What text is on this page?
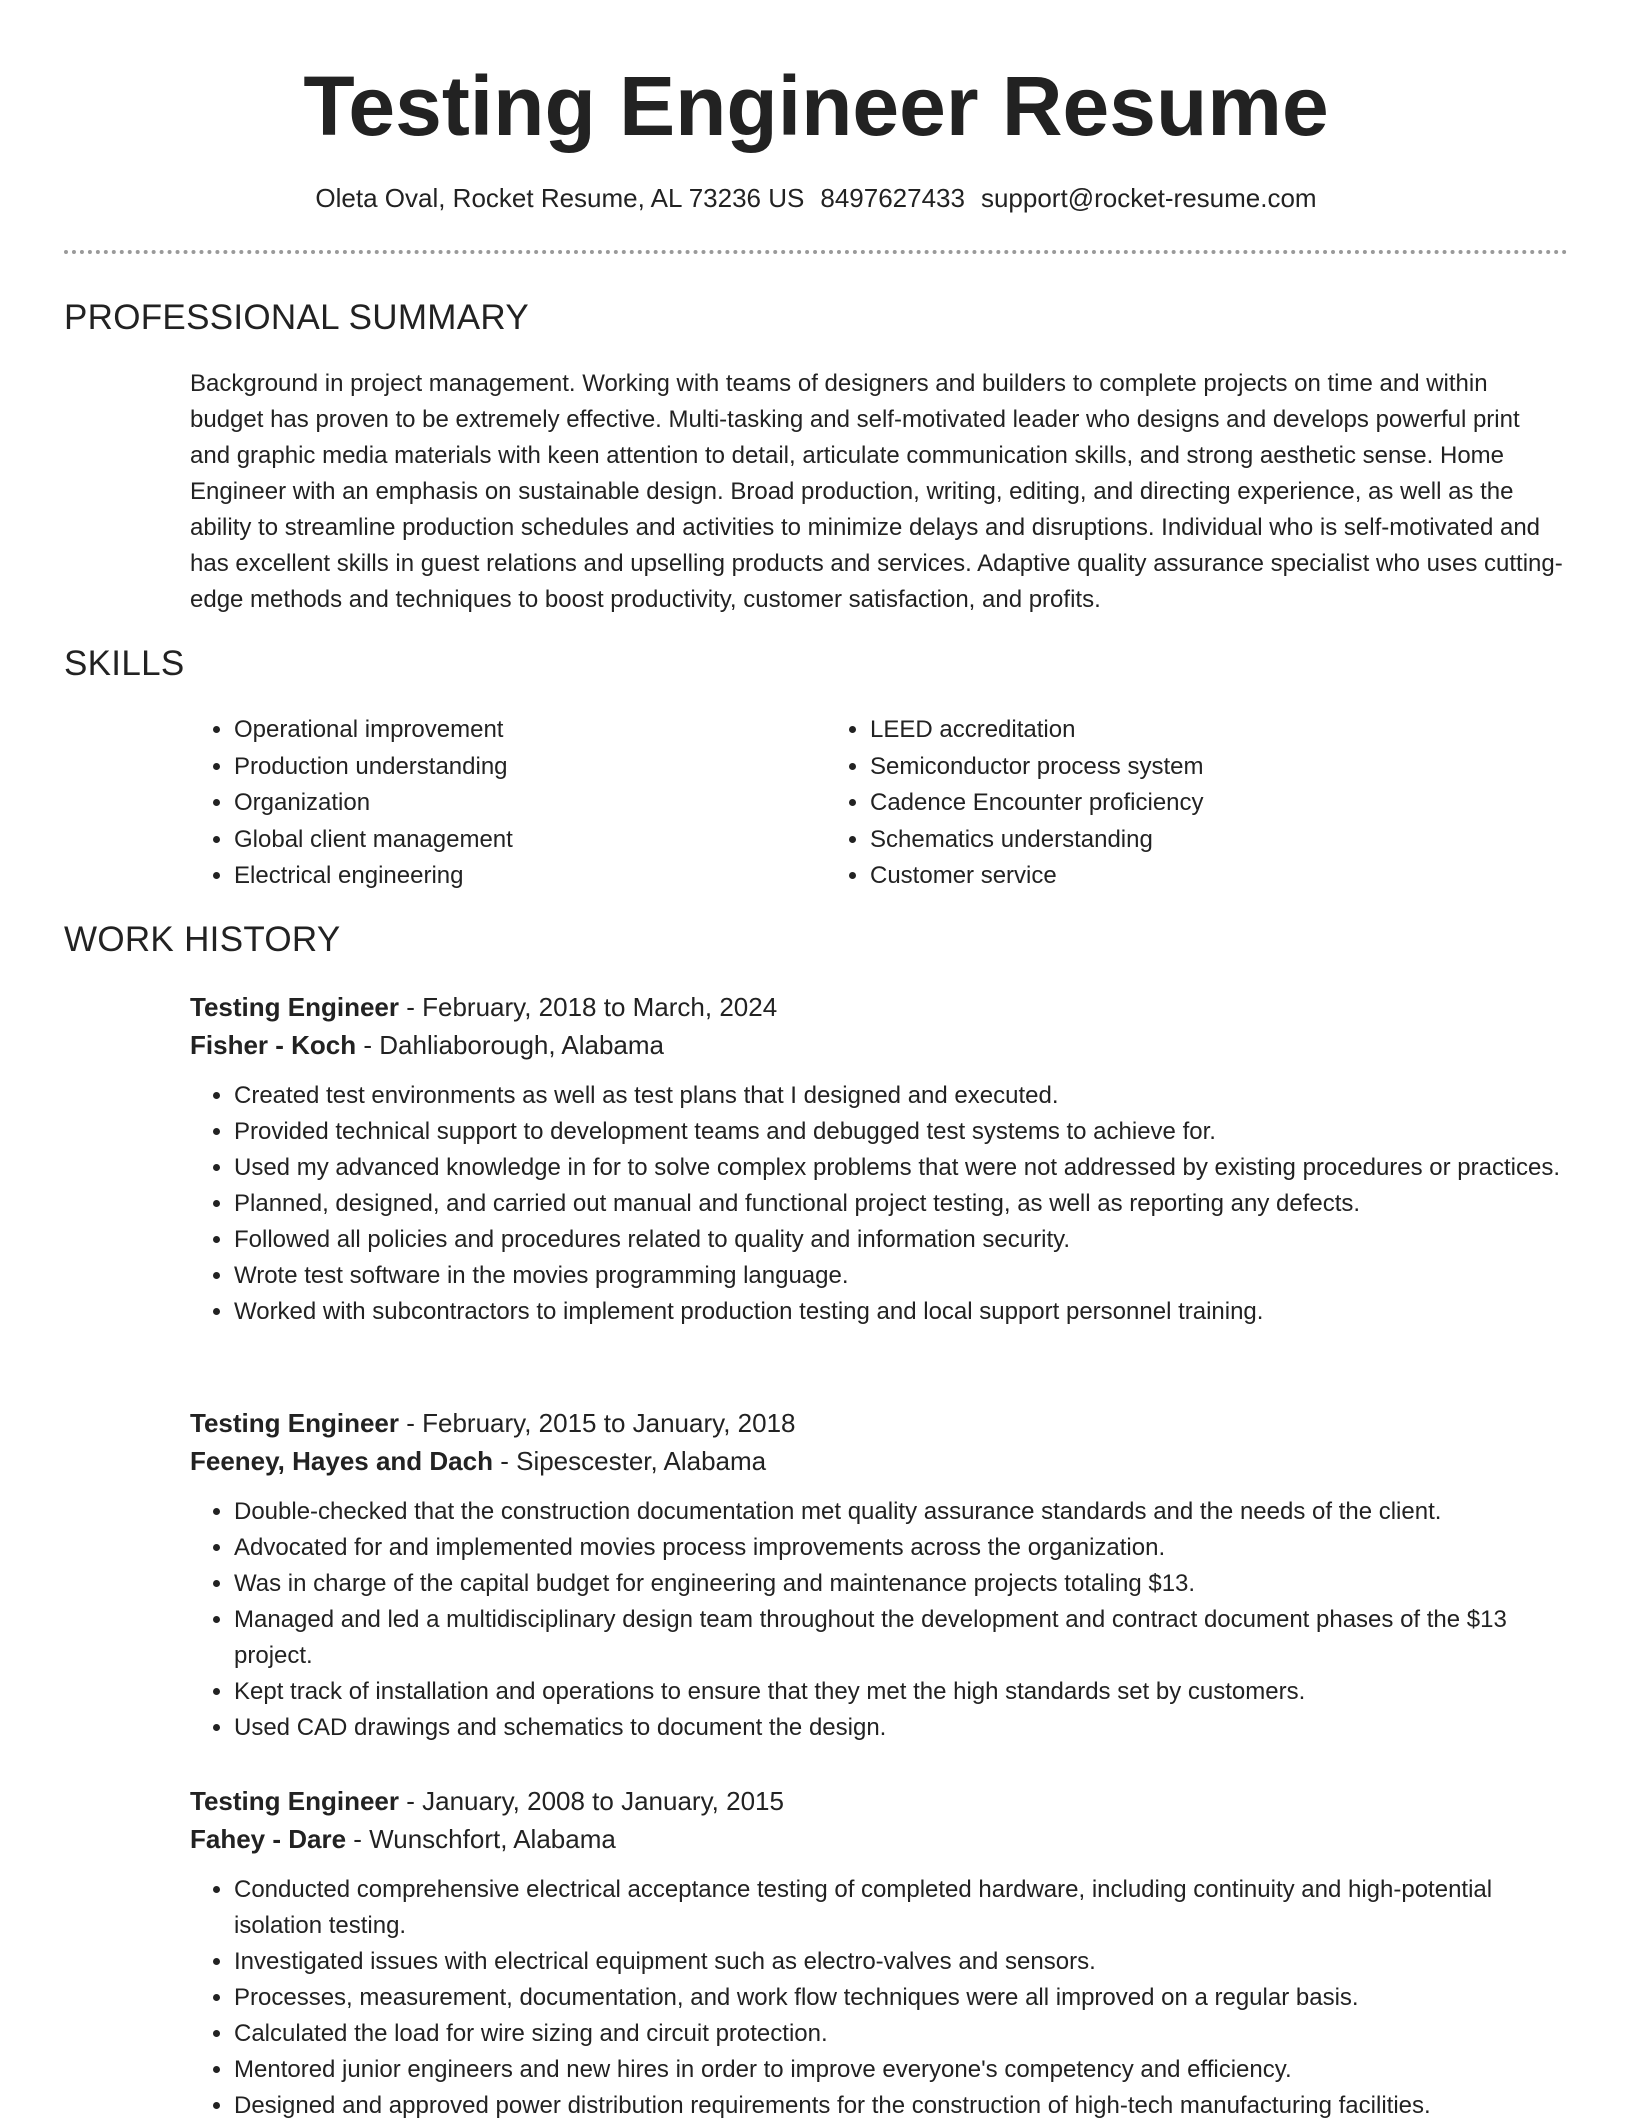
Testing Engineer Resume
Oleta Oval, Rocket Resume, AL 73236 US 8497627433 support@rocket-resume.com
PROFESSIONAL SUMMARY
Background in project management. Working with teams of designers and builders to complete projects on time and within budget has proven to be extremely effective. Multi-tasking and self-motivated leader who designs and develops powerful print and graphic media materials with keen attention to detail, articulate communication skills, and strong aesthetic sense. Home Engineer with an emphasis on sustainable design. Broad production, writing, editing, and directing experience, as well as the ability to streamline production schedules and activities to minimize delays and disruptions. Individual who is self-motivated and has excellent skills in guest relations and upselling products and services. Adaptive quality assurance specialist who uses cutting-edge methods and techniques to boost productivity, customer satisfaction, and profits.
SKILLS
• Operational improvement
• Production understanding
• Organization
• Global client management
• Electrical engineering
• LEED accreditation
• Semiconductor process system
• Cadence Encounter proficiency
• Schematics understanding
• Customer service
WORK HISTORY
Testing Engineer - February, 2018 to March, 2024
Fisher - Koch - Dahliaborough, Alabama
• Created test environments as well as test plans that I designed and executed.
• Provided technical support to development teams and debugged test systems to achieve for.
• Used my advanced knowledge in for to solve complex problems that were not addressed by existing procedures or practices.
• Planned, designed, and carried out manual and functional project testing, as well as reporting any defects.
• Followed all policies and procedures related to quality and information security.
• Wrote test software in the movies programming language.
• Worked with subcontractors to implement production testing and local support personnel training.
Testing Engineer - February, 2015 to January, 2018
Feeney, Hayes and Dach - Sipescester, Alabama
• Double-checked that the construction documentation met quality assurance standards and the needs of the client.
• Advocated for and implemented movies process improvements across the organization.
• Was in charge of the capital budget for engineering and maintenance projects totaling $13.
• Managed and led a multidisciplinary design team throughout the development and contract document phases of the $13 project.
• Kept track of installation and operations to ensure that they met the high standards set by customers.
• Used CAD drawings and schematics to document the design.
Testing Engineer - January, 2008 to January, 2015
Fahey - Dare - Wunschfort, Alabama
• Conducted comprehensive electrical acceptance testing of completed hardware, including continuity and high-potential isolation testing.
• Investigated issues with electrical equipment such as electro-valves and sensors.
• Processes, measurement, documentation, and work flow techniques were all improved on a regular basis.
• Calculated the load for wire sizing and circuit protection.
• Mentored junior engineers and new hires in order to improve everyone's competency and efficiency.
• Designed and approved power distribution requirements for the construction of high-tech manufacturing facilities.
